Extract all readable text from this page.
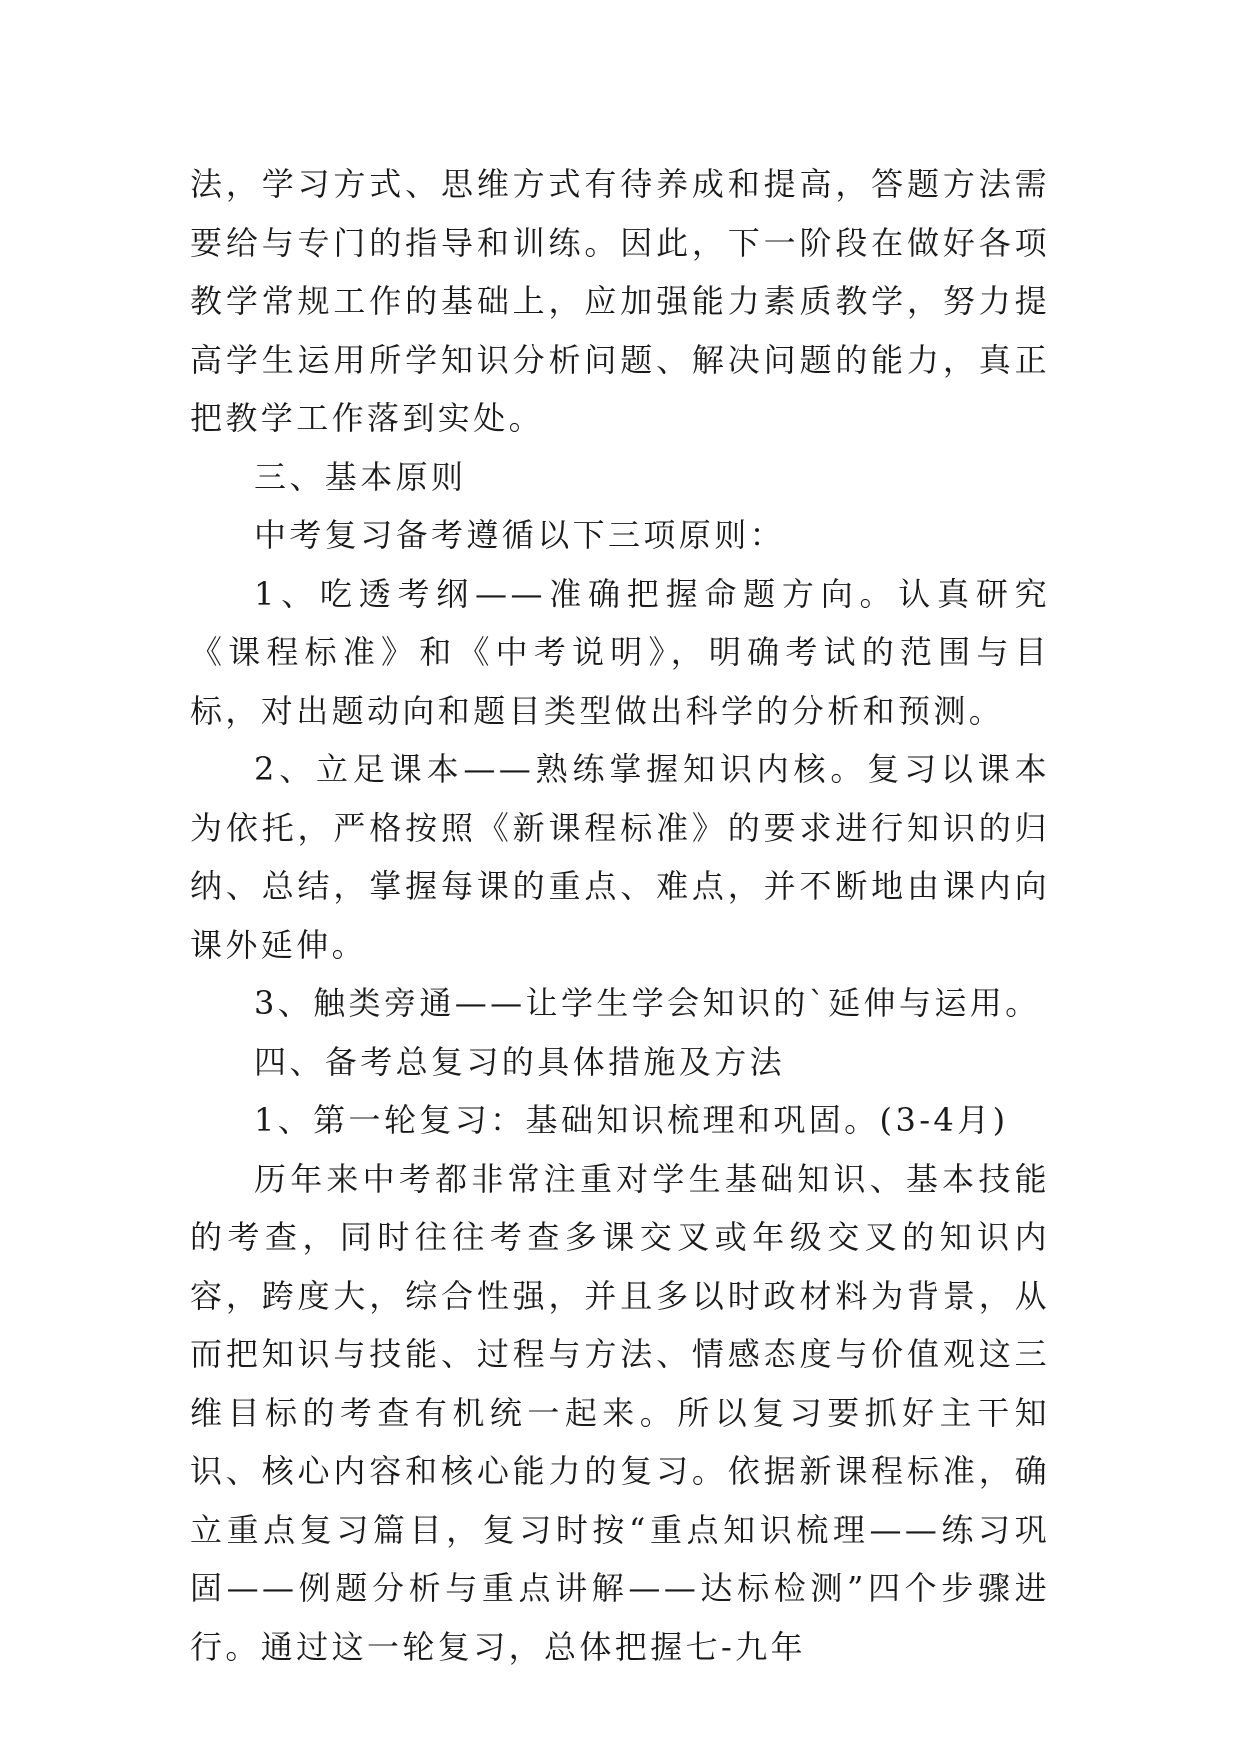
法，学习方式、思维方式有待养成和提高，答题方法需要给与专门的指导和训练。因此，下一阶段在做好各项教学常规工作的基础上，应加强能力素质教学，努力提高学生运用所学知识分析问题、解决问题的能力，真正把教学工作落到实处。

三、基本原则

中考复习备考遵循以下三项原则：

1、吃透考纲——准确把握命题方向。认真研究《课程标准》和《中考说明》，明确考试的范围与目标，对出题动向和题目类型做出科学的分析和预测。

2、立足课本——熟练掌握知识内核。复习以课本为依托，严格按照《新课程标准》的要求进行知识的归纳、总结，掌握每课的重点、难点，并不断地由课内向课外延伸。

3、触类旁通——让学生学会知识的`延伸与运用。

四、备考总复习的具体措施及方法

1、第一轮复习：基础知识梳理和巩固。(3-4月)

历年来中考都非常注重对学生基础知识、基本技能的考查，同时往往考查多课交叉或年级交叉的知识内容，跨度大，综合性强，并且多以时政材料为背景，从而把知识与技能、过程与方法、情感态度与价值观这三维目标的考查有机统一起来。所以复习要抓好主干知识、核心内容和核心能力的复习。依据新课程标准，确立重点复习篇目，复习时按“重点知识梳理——练习巩固——例题分析与重点讲解——达标检测”四个步骤进行。通过这一轮复习，总体把握七-九年
